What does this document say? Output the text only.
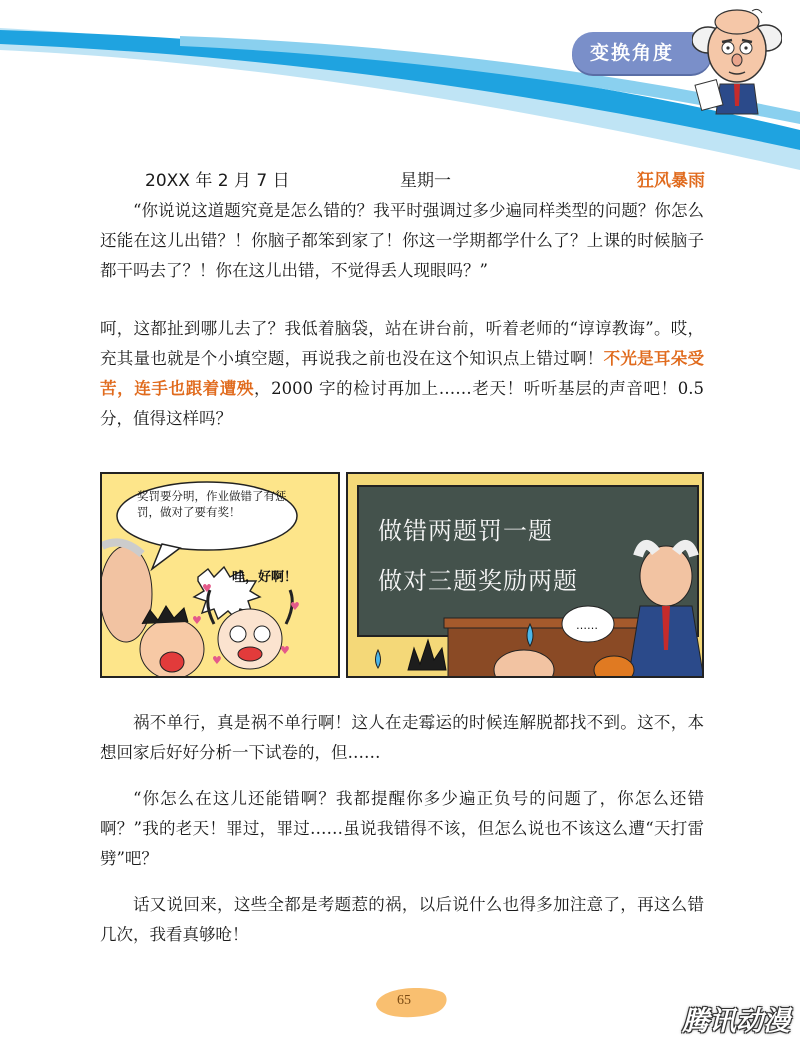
变换角度
20XX 年 2 月 7 日	星期一	狂风暴雨

“你说说这道题究竟是怎么错的？我平时强调过多少遍同样类型的问题？你怎么还能在这儿出错？！你脑子都笨到家了！你这一学期都学什么了？上课的时候脑子都干吗去了？！你在这儿出错，不觉得丢人现眼吗？”

呵，这都扯到哪儿去了？我低着脑袋，站在讲台前，听着老师的“谆谆教诲”。哎，充其量也就是个小填空题，再说我之前也没在这个知识点上错过啊！不光是耳朵受苦，连手也跟着遭殃，2000 字的检讨再加上……老天！听听基层的声音吧！0.5 分，值得这样吗？

♥
♥
♥
♥
♥
奖罚要分明，作业做错了有惩罚，做对了要有奖！
哇，好啊！
……
做错两题罚一题
做对三题奖励两题

祸不单行，真是祸不单行啊！这人在走霉运的时候连解脱都找不到。这不，本想回家后好好分析一下试卷的，但……

“你怎么在这儿还能错啊？我都提醒你多少遍正负号的问题了，你怎么还错啊？”我的老天！罪过，罪过……虽说我错得不该，但怎么说也不该这么遭“天打雷劈”吧？

话又说回来，这些全都是考题惹的祸，以后说什么也得多加注意了，再这么错几次，我看真够呛！

65
腾讯动漫
